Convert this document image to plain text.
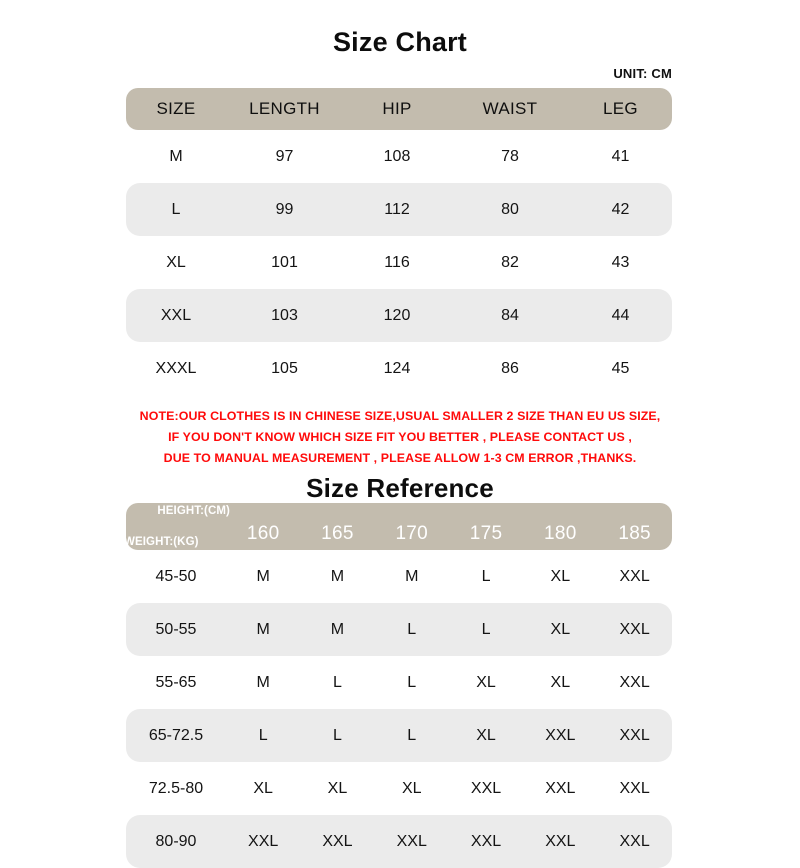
Size Chart
UNIT: CM
SIZE	LENGTH	HIP	WAIST	LEG
M	97	108	78	41
L	99	112	80	42
XL	101	116	82	43
XXL	103	120	84	44
XXXL	105	124	86	45
NOTE:OUR CLOTHES IS IN CHINESE SIZE,USUAL SMALLER 2 SIZE THAN EU US SIZE,
IF YOU DON'T KNOW WHICH SIZE FIT YOU BETTER , PLEASE CONTACT US ,
DUE TO MANUAL MEASUREMENT , PLEASE ALLOW 1-3 CM ERROR ,THANKS.
Size Reference
HEIGHT:(CM)
WEIGHT:(KG)	160	165	170	175	180	185
45-50	M	M	M	L	XL	XXL
50-55	M	M	L	L	XL	XXL
55-65	M	L	L	XL	XL	XXL
65-72.5	L	L	L	XL	XXL	XXL
72.5-80	XL	XL	XL	XXL	XXL	XXL
80-90	XXL	XXL	XXL	XXL	XXL	XXL
